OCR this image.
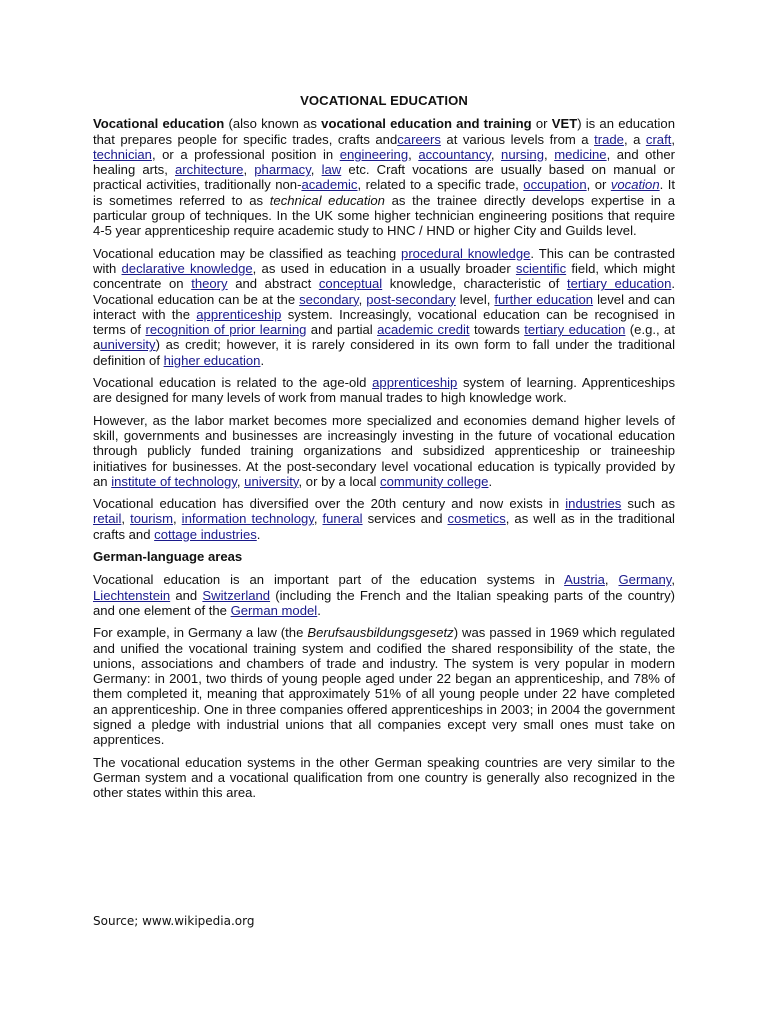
VOCATIONAL EDUCATION

Vocational education (also known as vocational education and training or VET) is an education that prepares people for specific trades, crafts andcareers at various levels from a trade, a craft, technician, or a professional position in engineering, accountancy, nursing, medicine, and other healing arts, architecture, pharmacy, law etc. Craft vocations are usually based on manual or practical activities, traditionally non-academic, related to a specific trade, occupation, or vocation. It is sometimes referred to as technical education as the trainee directly develops expertise in a particular group of techniques. In the UK some higher technician engineering positions that require 4-5 year apprenticeship require academic study to HNC / HND or higher City and Guilds level.

Vocational education may be classified as teaching procedural knowledge. This can be contrasted with declarative knowledge, as used in education in a usually broader scientific field, which might concentrate on theory and abstract conceptual knowledge, characteristic of tertiary education. Vocational education can be at the secondary, post-secondary level, further education level and can interact with the apprenticeship system. Increasingly, vocational education can be recognised in terms of recognition of prior learning and partial academic credit towards tertiary education (e.g., at auniversity) as credit; however, it is rarely considered in its own form to fall under the traditional definition of higher education.

Vocational education is related to the age-old apprenticeship system of learning. Apprenticeships are designed for many levels of work from manual trades to high knowledge work.

However, as the labor market becomes more specialized and economies demand higher levels of skill, governments and businesses are increasingly investing in the future of vocational education through publicly funded training organizations and subsidized apprenticeship or traineeship initiatives for businesses. At the post-secondary level vocational education is typically provided by an institute of technology, university, or by a local community college.

Vocational education has diversified over the 20th century and now exists in industries such as retail, tourism, information technology, funeral services and cosmetics, as well as in the traditional crafts and cottage industries.

German-language areas

Vocational education is an important part of the education systems in Austria, Germany, Liechtenstein and Switzerland (including the French and the Italian speaking parts of the country) and one element of the German model.

For example, in Germany a law (the Berufsausbildungsgesetz) was passed in 1969 which regulated and unified the vocational training system and codified the shared responsibility of the state, the unions, associations and chambers of trade and industry. The system is very popular in modern Germany: in 2001, two thirds of young people aged under 22 began an apprenticeship, and 78% of them completed it, meaning that approximately 51% of all young people under 22 have completed an apprenticeship. One in three companies offered apprenticeships in 2003; in 2004 the government signed a pledge with industrial unions that all companies except very small ones must take on apprentices.

The vocational education systems in the other German speaking countries are very similar to the German system and a vocational qualification from one country is generally also recognized in the other states within this area.

Source; www.wikipedia.org
